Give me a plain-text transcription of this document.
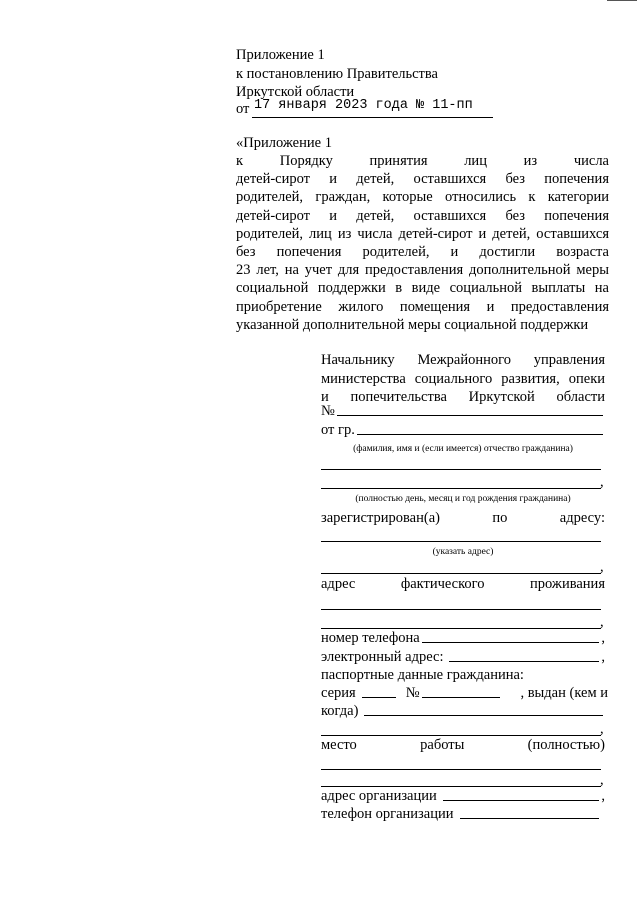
Приложение 1
к постановлению Правительства
Иркутской области
от 17 января 2023 года № 11-пп
«Приложение 1
к Порядку принятия лиц из числа
детей-сирот и детей, оставшихся без попечения
родителей, граждан, которые относились к категории
детей-сирот и детей, оставшихся без попечения
родителей, лиц из числа детей-сирот и детей, оставшихся
без попечения родителей, и достигли возраста
23 лет, на учет для предоставления дополнительной меры
социальной поддержки в виде социальной выплаты на
приобретение жилого помещения и предоставления
указанной дополнительной меры социальной поддержки
Начальнику Межрайонного управления
министерства социального развития, опеки
и попечительства Иркутской области
№
от гр.
(фамилия, имя и (если имеется) отчество гражданина)
,
(полностью день, месяц и год рождения гражданина)
зарегистрирован(а)	по	адресу:
(указать адрес)
,
адрес	фактического	проживания
,
номер телефона	,
электронный адрес:	,
паспортные данные гражданина:
серия	№	, выдан (кем и
когда)
,
место	работы	(полностью)
,
адрес организации	,
телефон организации
